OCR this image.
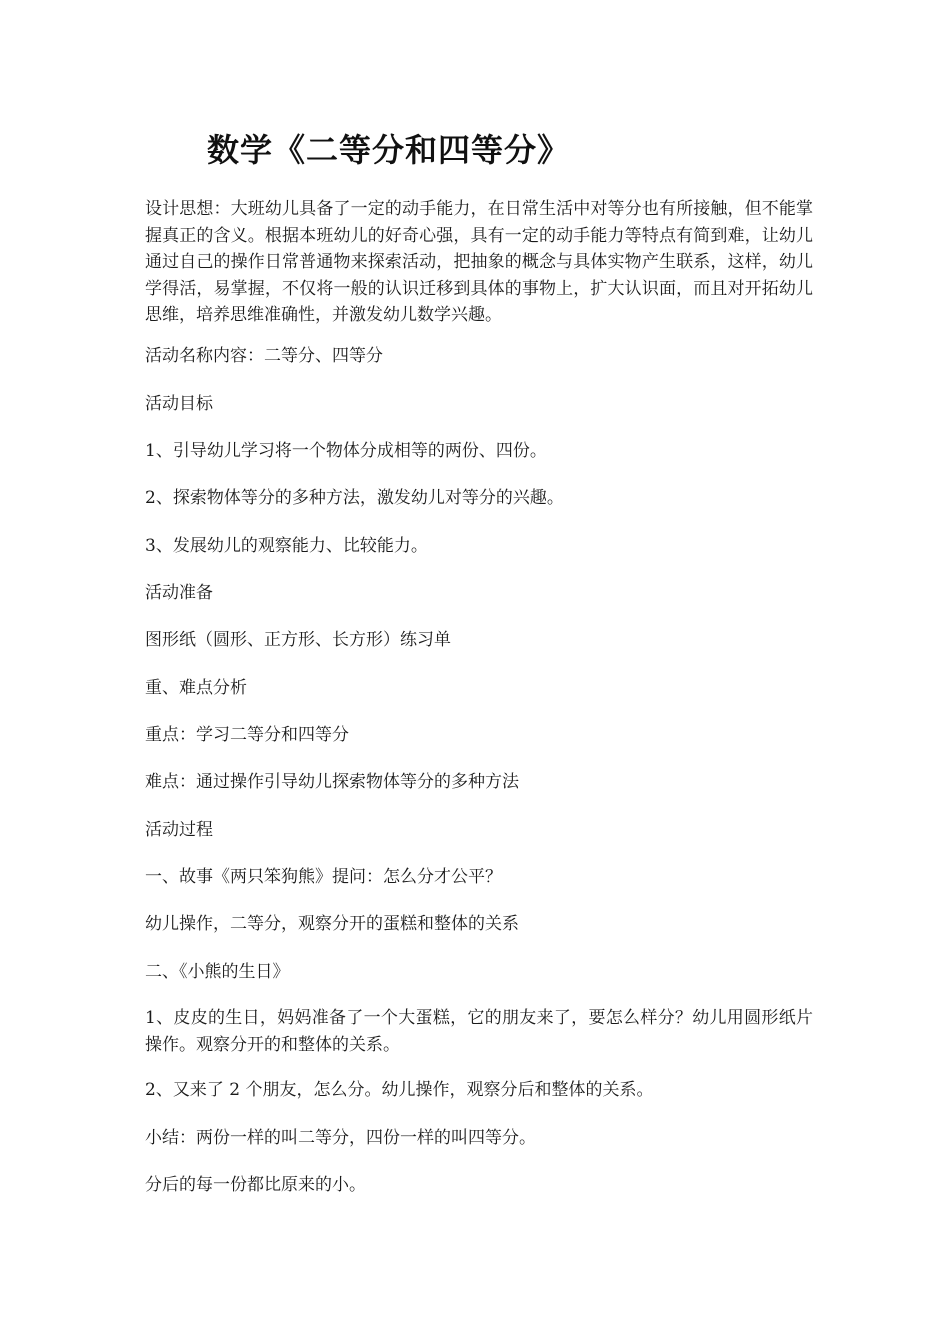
数学《二等分和四等分》
设计思想：大班幼儿具备了一定的动手能力，在日常生活中对等分也有所接触，但不能掌握真正的含义。根据本班幼儿的好奇心强，具有一定的动手能力等特点有简到难，让幼儿通过自己的操作日常普通物来探索活动，把抽象的概念与具体实物产生联系，这样，幼儿学得活，易掌握，不仅将一般的认识迁移到具体的事物上，扩大认识面，而且对开拓幼儿思维，培养思维准确性，并激发幼儿数学兴趣。
活动名称内容：二等分、四等分
活动目标
1、引导幼儿学习将一个物体分成相等的两份、四份。
2、探索物体等分的多种方法，激发幼儿对等分的兴趣。
3、发展幼儿的观察能力、比较能力。
活动准备
图形纸（圆形、正方形、长方形）练习单
重、难点分析
重点：学习二等分和四等分
难点：通过操作引导幼儿探索物体等分的多种方法
活动过程
一、故事《两只笨狗熊》提问：怎么分才公平？
幼儿操作，二等分，观察分开的蛋糕和整体的关系
二、《小熊的生日》
1、皮皮的生日，妈妈准备了一个大蛋糕，它的朋友来了，要怎么样分？幼儿用圆形纸片操作。观察分开的和整体的关系。
2、又来了 2 个朋友，怎么分。幼儿操作，观察分后和整体的关系。
小结：两份一样的叫二等分，四份一样的叫四等分。
分后的每一份都比原来的小。
